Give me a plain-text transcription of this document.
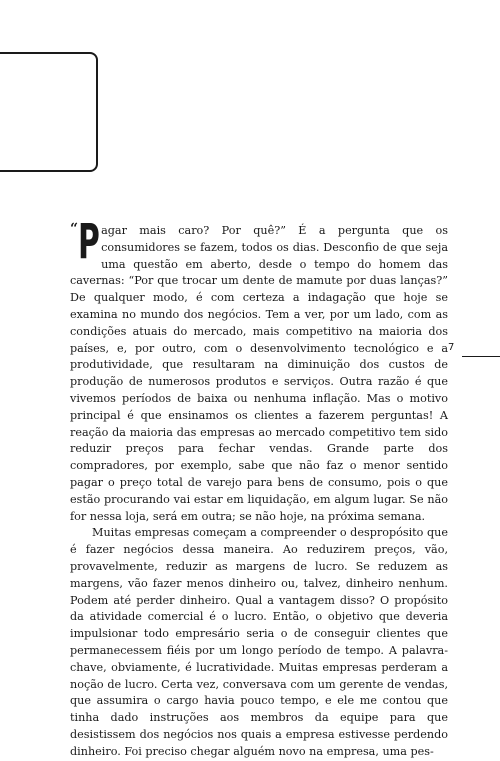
“P agar mais caro? Por quê?” É a pergunta que os consumidores se fazem, todos os dias. Desconfio de que seja uma questão em aberto, desde o tempo do homem das cavernas: “Por que trocar um dente de mamute por duas lanças?” De qualquer modo, é com certeza a indagação que hoje se examina no mundo dos negócios. Tem a ver, por um lado, com as condições atuais do mercado, mais competitivo na maioria dos países, e, por outro, com o desenvolvimento tecnológico e a produtividade, que resultaram na diminuição dos custos de produção de numerosos produtos e serviços. Outra razão é que vivemos períodos de baixa ou nenhuma inflação. Mas o motivo principal é que ensinamos os clientes a fazerem perguntas! A reação da maioria das empresas ao mercado competitivo tem sido reduzir preços para fechar vendas. Grande parte dos compradores, por exemplo, sabe que não faz o menor sentido pagar o preço total de varejo para bens de consumo, pois o que estão procurando vai estar em liquidação, em algum lugar. Se não for nessa loja, será em outra; se não hoje, na próxima semana.

Muitas empresas começam a compreender o despropósito que é fazer negócios dessa maneira. Ao reduzirem preços, vão, provavelmente, reduzir as margens de lucro. Se reduzem as margens, vão fazer menos dinheiro ou, talvez, dinheiro nenhum. Podem até perder dinheiro. Qual a vantagem disso? O propósito da atividade comercial é o lucro. Então, o objetivo que deveria impulsionar todo empresário seria o de conseguir clientes que permanecessem fiéis por um longo período de tempo. A palavra-chave, obviamente, é lucratividade. Muitas empresas perderam a noção de lucro. Certa vez, conversava com um gerente de vendas, que assumira o cargo havia pouco tempo, e ele me contou que tinha dado instruções aos membros da equipe para que desistissem dos negócios nos quais a empresa estivesse perdendo dinheiro. Foi preciso chegar alguém novo na empresa, uma pes-

7
